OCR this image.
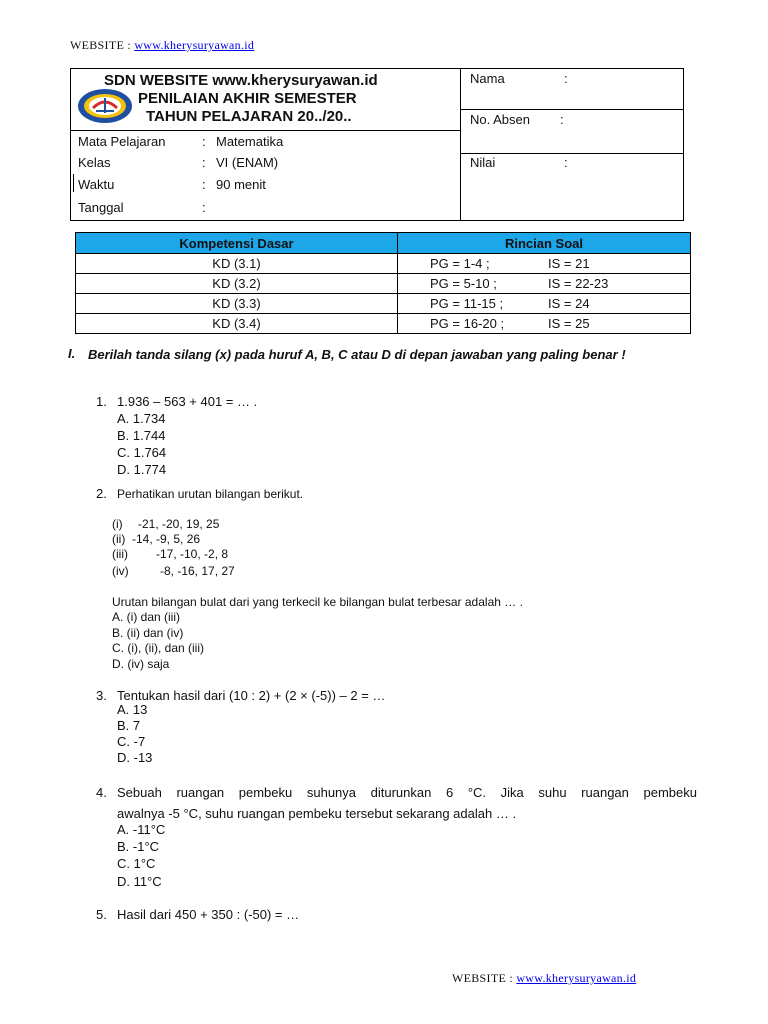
WEBSITE : www.kherysuryawan.id
SDN WEBSITE www.kherysuryawan.id
PENILAIAN AKHIR SEMESTER
TAHUN PELAJARAN 20../20..
Mata Pelajaran	: Matematika
Kelas	: VI (ENAM)
Waktu	: 90 menit
Tanggal	:
Nama	:
No. Absen :
Nilai	:
Kompetensi Dasar	Rincian Soal
KD (3.1)	PG = 1-4 ; IS = 21
KD (3.2)	PG = 5-10 ; IS = 22-23
KD (3.3)	PG = 11-15 ; IS = 24
KD (3.4)	PG = 16-20 ; IS = 25
I. Berilah tanda silang (x) pada huruf A, B, C atau D di depan jawaban yang paling benar !
1. 1.936 – 563 + 401 = … .
A. 1.734
B. 1.744
C. 1.764
D. 1.774
2. Perhatikan urutan bilangan berikut.
(i) -21, -20, 19, 25
(ii) -14, -9, 5, 26
(iii) -17, -10, -2, 8
(iv)	-8, -16, 17, 27
Urutan bilangan bulat dari yang terkecil ke bilangan bulat terbesar adalah … .
A. (i) dan (iii)
B. (ii) dan (iv)
C. (i), (ii), dan (iii)
D. (iv) saja
3. Tentukan hasil dari (10 : 2) + (2 × (-5)) – 2 = …
A. 13
B. 7
C. -7
D. -13
4. Sebuah ruangan pembeku suhunya diturunkan 6 °C. Jika suhu ruangan pembeku
awalnya -5 °C, suhu ruangan pembeku tersebut sekarang adalah … .
A. -11°C
B. -1°C
C. 1°C
D. 11°C
5. Hasil dari 450 + 350 : (-50) = …
WEBSITE : www.kherysuryawan.id
